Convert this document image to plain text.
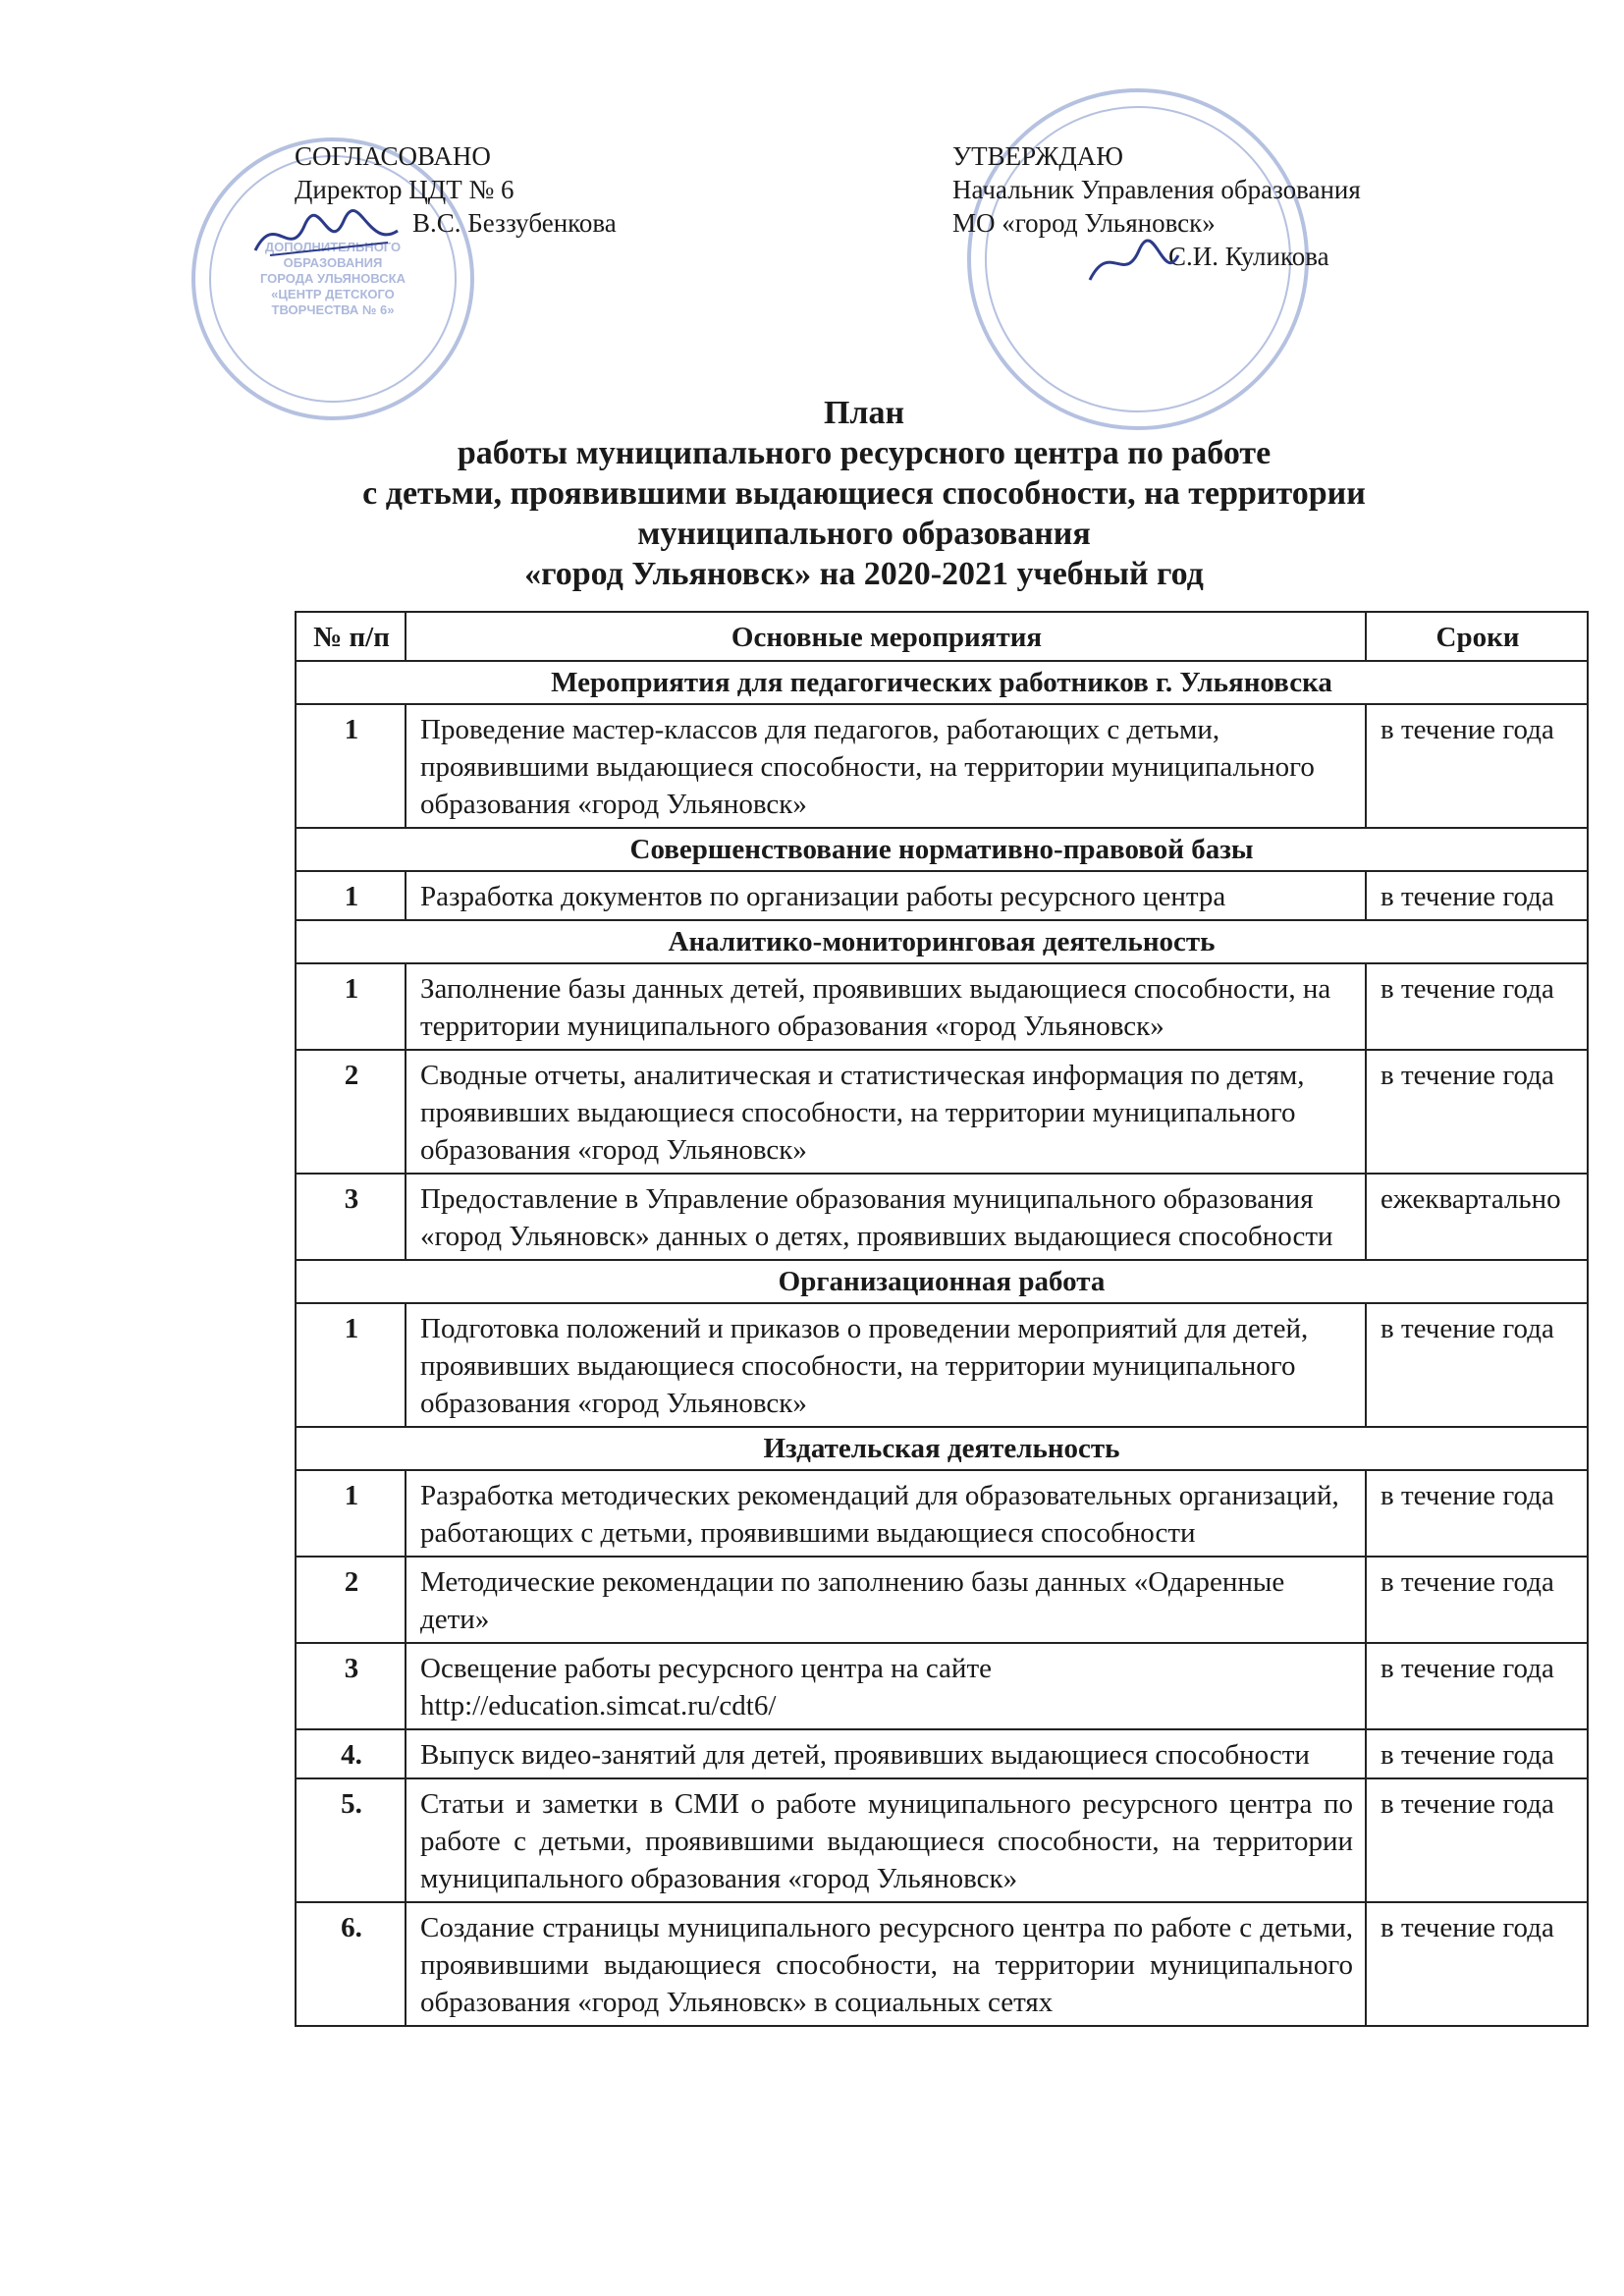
ДОПОЛНИТЕЛЬНОГО
ОБРАЗОВАНИЯ
ГОРОДА УЛЬЯНОВСКА
«ЦЕНТР ДЕТСКОГО
ТВОРЧЕСТВА № 6»
СОГЛАСОВАНО
Директор ЦДТ № 6
В.С. Беззубенкова
УТВЕРЖДАЮ
Начальник Управления образования
МО «город Ульяновск»
С.И. Куликова
План
работы муниципального ресурсного центра по работе
с детьми, проявившими выдающиеся способности, на территории
муниципального образования
«город Ульяновск» на 2020-2021 учебный год
№ п/п	Основные мероприятия	Сроки
Мероприятия для педагогических работников г. Ульяновска		
1	Проведение мастер-классов для педагогов, работающих с детьми, проявившими выдающиеся способности, на территории муниципального образования «город Ульяновск»	в течение года
Совершенствование нормативно-правовой базы		
1	Разработка документов по организации работы ресурсного центра	в течение года
Аналитико-мониторинговая деятельность		
1	Заполнение базы данных детей, проявивших выдающиеся способности, на территории муниципального образования «город Ульяновск»	в течение года
2	Сводные отчеты, аналитическая и статистическая информация по детям, проявивших выдающиеся способности, на территории муниципального образования «город Ульяновск»	в течение года
3	Предоставление в Управление образования муниципального образования «город Ульяновск» данных о детях, проявивших выдающиеся способности	ежеквартально
Организационная работа		
1	Подготовка положений и приказов о проведении мероприятий для детей, проявивших выдающиеся способности, на территории муниципального образования «город Ульяновск»	в течение года
Издательская деятельность		
1	Разработка методических рекомендаций для образовательных организаций, работающих с детьми, проявившими выдающиеся способности	в течение года
2	Методические рекомендации по заполнению базы данных «Одаренные дети»	в течение года
3	Освещение работы ресурсного центра на сайте http://education.simcat.ru/cdt6/	в течение года
4.	Выпуск видео-занятий для детей, проявивших выдающиеся способности	в течение года
5.	Статьи и заметки в СМИ о работе муниципального ресурсного центра по работе с детьми, проявившими выдающиеся способности, на территории муниципального образования «город Ульяновск»	в течение года
6.	Создание страницы муниципального ресурсного центра по работе с детьми, проявившими выдающиеся способности, на территории муниципального образования «город Ульяновск» в социальных сетях	в течение года
